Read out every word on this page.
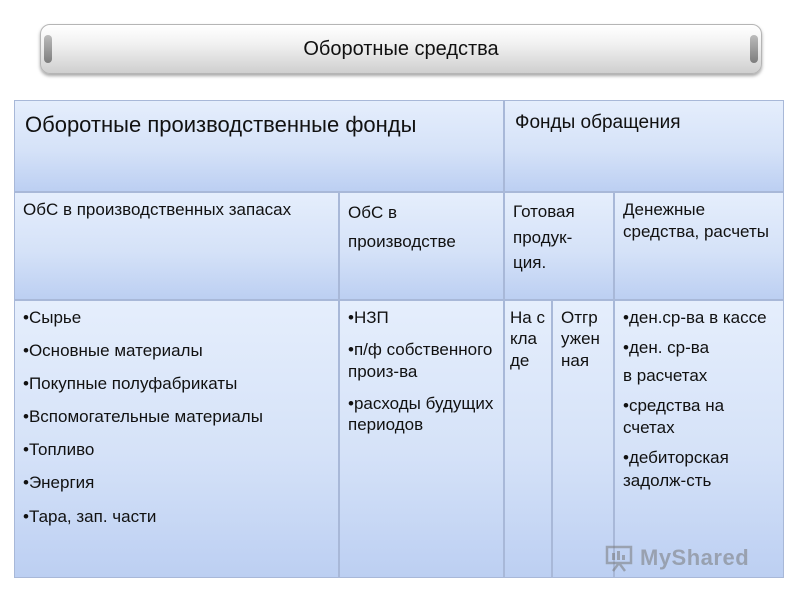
Оборотные средства
Оборотные производственные фонды	Фонды обращения
ОбС в производственных запасах	ОбС в производстве
Готовая продук-ция.
Денежные средства, расчеты
•Сырье
•Основные материалы
•Покупные полуфабрикаты
•Вспомогательные материалы
•Топливо
•Энергия
•Тара, зап. части
•НЗП
•п/ф собственного произ-ва
•расходы будущих периодов
На складе
Отгруженная
•ден.ср-ва в кассе
•ден. ср-ва
в расчетах
•средства на счетах
•дебиторская задолж-сть
MyShared
